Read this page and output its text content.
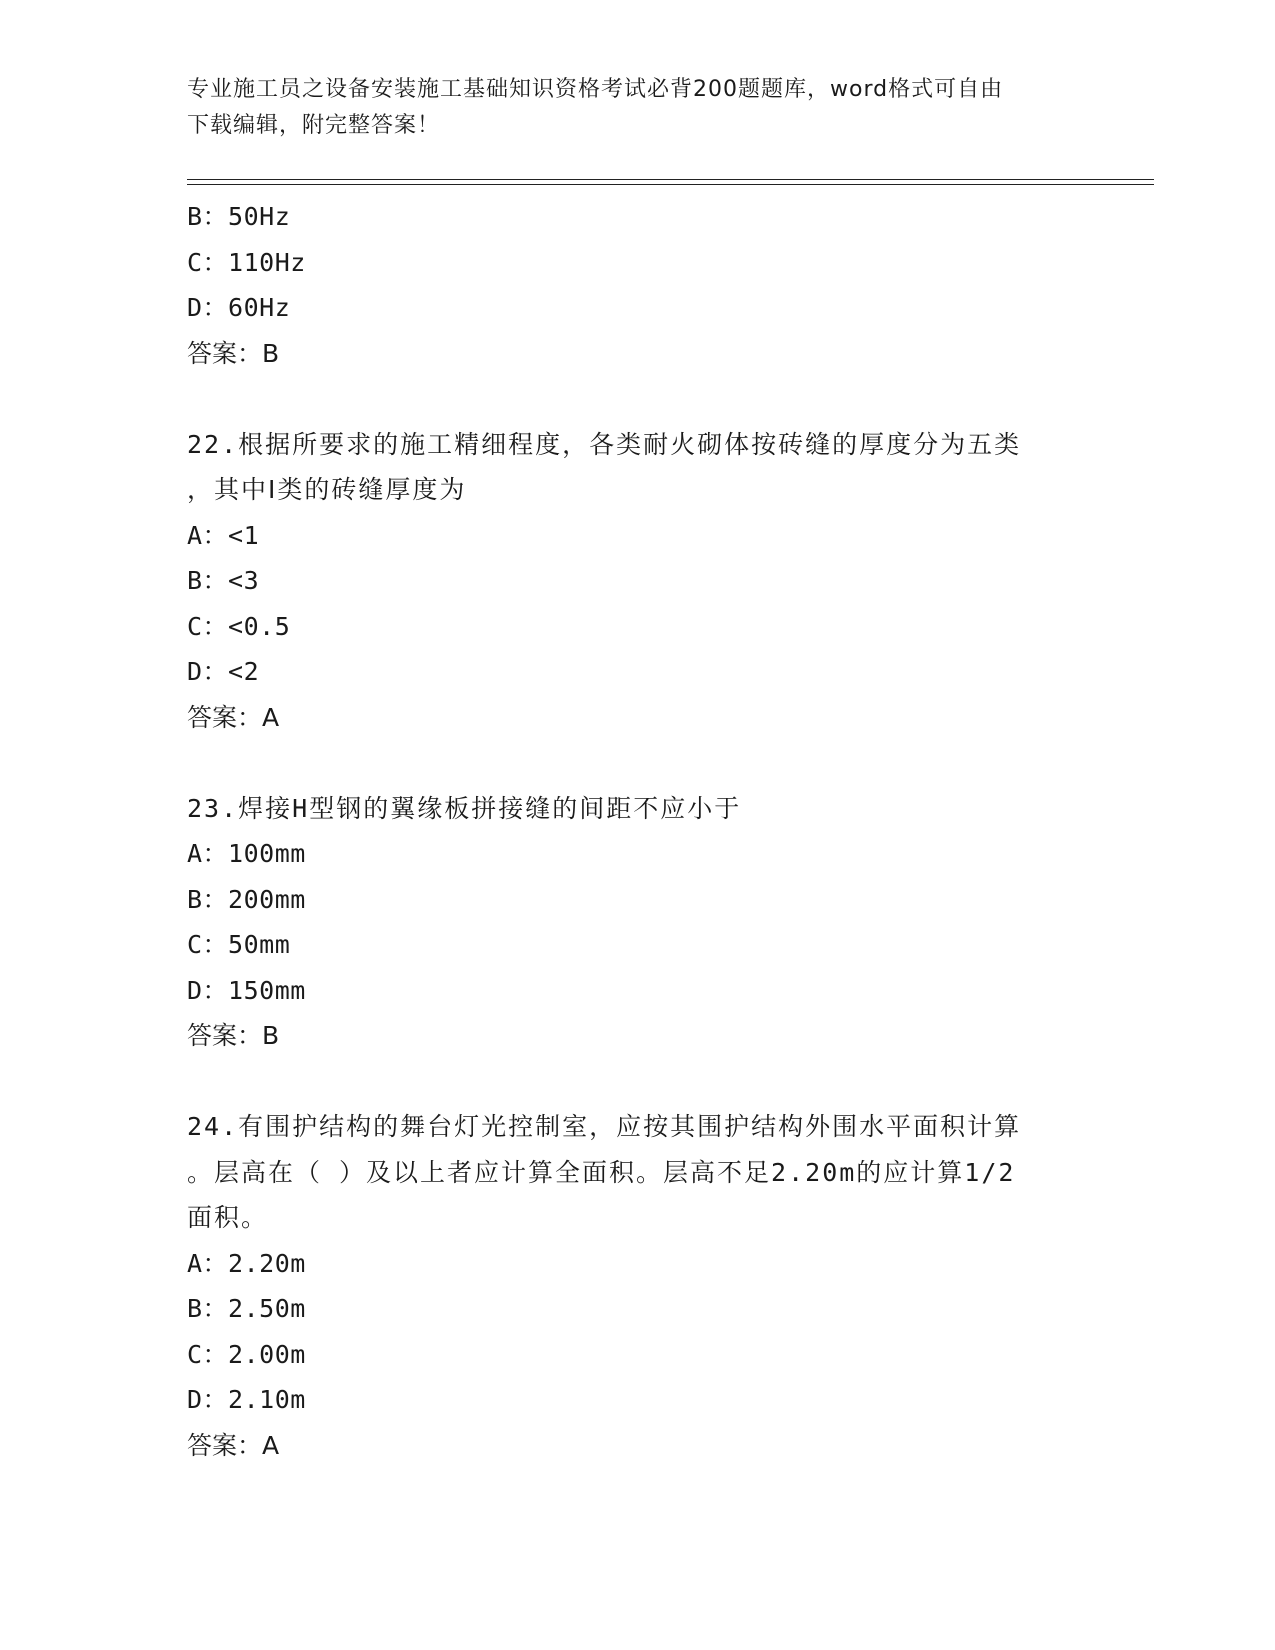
专业施工员之设备安装施工基础知识资格考试必背200题题库，word格式可自由
下载编辑，附完整答案！
B：50Hz
C：110Hz
D：60Hz
答案：B
22.根据所要求的施工精细程度，各类耐火砌体按砖缝的厚度分为五类
，其中Ⅰ类的砖缝厚度为
A：<1
B：<3
C：<0.5
D：<2
答案：A
23.焊接H型钢的翼缘板拼接缝的间距不应小于
A：100mm
B：200mm
C：50mm
D：150mm
答案：B
24.有围护结构的舞台灯光控制室，应按其围护结构外围水平面积计算
。层高在（ ）及以上者应计算全面积。层高不足2.20m的应计算1/2
面积。
A：2.20m
B：2.50m
C：2.00m
D：2.10m
答案：A
